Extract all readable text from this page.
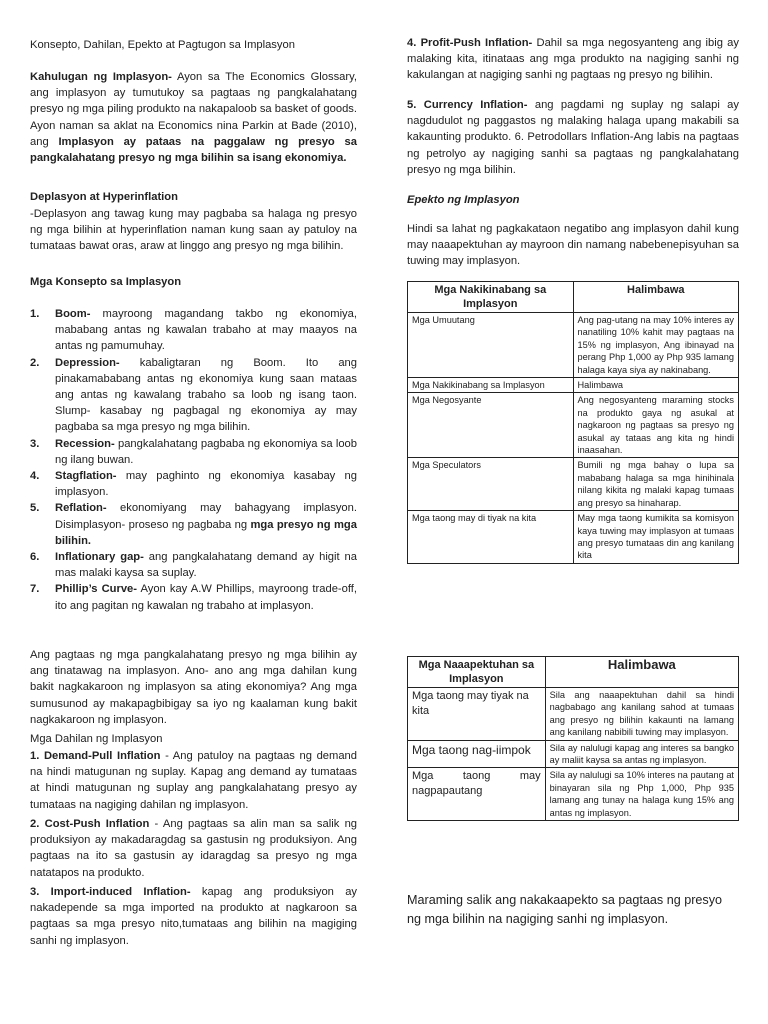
Konsepto, Dahilan, Epekto at Pagtugon sa Implasyon

Kahulugan ng Implasyon- Ayon sa The Economics Glossary, ang implasyon ay tumutukoy sa pagtaas ng pangkalahatang presyo ng mga piling produkto na nakapaloob sa basket of goods. Ayon naman sa aklat na Economics nina Parkin at Bade (2010), ang Implasyon ay pataas na paggalaw ng presyo sa pangkalahatang presyo ng mga bilihin sa isang ekonomiya.

Deplasyon at Hyperinflation

-Deplasyon ang tawag kung may pagbaba sa halaga ng presyo ng mga bilihin at hyperinflation naman kung saan ay patuloy na tumataas bawat oras, araw at linggo ang presyo ng mga bilihin.

Mga Konsepto sa Implasyon

1. Boom- mayroong magandang takbo ng ekonomiya, mababang antas ng kawalan trabaho at may maayos na antas ng pamumuhay.
2. Depression- kabaligtaran ng Boom. Ito ang pinakamababang antas ng ekonomiya kung saan mataas ang antas ng kawalang trabaho sa loob ng isang taon. Slump- kasabay ng pagbagal ng ekonomiya ay may pagbaba sa mga presyo ng mga bilihin.
3. Recession- pangkalahatang pagbaba ng ekonomiya sa loob ng ilang buwan.
4. Stagflation- may paghinto ng ekonomiya kasabay ng implasyon.
5. Reflation- ekonomiyang may bahagyang implasyon. Disimplasyon- proseso ng pagbaba ng mga presyo ng mga bilihin.
6. Inflationary gap- ang pangkalahatang demand ay higit na mas malaki kaysa sa suplay.
7. Phillip’s Curve- Ayon kay A.W Phillips, mayroong trade-off, ito ang pagitan ng kawalan ng trabaho at implasyon.

Ang pagtaas ng mga pangkalahatang presyo ng mga bilihin ay ang tinatawag na implasyon. Ano- ano ang mga dahilan kung bakit nagkakaroon ng implasyon sa ating ekonomiya? Ang mga sumusunod ay makapagbibigay sa iyo ng kaalaman kung bakit nagkakaroon ng implasyon.

Mga Dahilan ng Implasyon

1. Demand-Pull Inflation - Ang patuloy na pagtaas ng demand na hindi matugunan ng suplay. Kapag ang demand ay tumataas at hindi matugunan ng suplay ang pangkalahatang presyo ay tumataas na nagiging dahilan ng implasyon.

2. Cost-Push Inflation - Ang pagtaas sa alin man sa salik ng produksiyon ay makadaragdag sa gastusin ng produksiyon. Ang pagtaas na ito sa gastusin ay idaragdag sa presyo ng mga natatapos na produkto.

3. Import-induced Inflation- kapag ang produksiyon ay nakadepende sa mga imported na produkto at nagkaroon sa pagtaas sa mga presyo nito,tumataas ang bilihin na magiging sanhi ng implasyon.

4. Profit-Push Inflation- Dahil sa mga negosyanteng ang ibig ay malaking kita, itinataas ang mga produkto na nagiging sanhi ng kakulangan at nagiging sanhi ng pagtaas ng presyo ng bilihin.

5. Currency Inflation- ang pagdami ng suplay ng salapi ay nagdudulot ng paggastos ng malaking halaga upang makabili sa kakaunting produkto. 6. Petrodollars Inflation-Ang labis na pagtaas ng petrolyo ay nagiging sanhi sa pagtaas ng pangkalahatang presyo ng mga bilihin.

Epekto ng Implasyon

Hindi sa lahat ng pagkakataon negatibo ang implasyon dahil kung may naaapektuhan ay mayroon din namang nabebenepisyuhan sa tuwing may implasyon.

Mga Nakikinabang sa Implasyon	Halimbawa
Mga Umuutang	Ang pag-utang na may 10% interes ay nanatiling 10% kahit may pagtaas na 15% ng implasyon, Ang ibinayad na perang Php 1,000 ay Php 935 lamang halaga kaya siya ay nakinabang.
Mga Nakikinabang sa Implasyon	Halimbawa
Mga Negosyante	Ang negosyanteng maraming stocks na produkto gaya ng asukal at nagkaroon ng pagtaas sa presyo ng asukal ay tataas ang kita ng hindi inaasahan.
Mga Speculators	Bumili ng mga bahay o lupa sa mababang halaga sa mga hinihinala nilang kikita ng malaki kapag tumaas ang presyo sa hinaharap.
Mga taong may di tiyak na kita	May mga taong kumikita sa komisyon kaya tuwing may implasyon at tumaas ang presyo tumataas din ang kanilang kita
Mga Naaapektuhan sa Implasyon	Halimbawa
Mga taong may tiyak na kita	Sila ang naaapektuhan dahil sa hindi nagbabago ang kanilang sahod at tumaas ang presyo ng bilihin kakaunti na lamang ang kanilang nabibili tuwing may implasyon.
Mga taong nag-iimpok	Sila ay nalulugi kapag ang interes sa bangko ay maliit kaysa sa antas ng implasyon.
Mga taong may nagpapautang	Sila ay nalulugi sa 10% interes na pautang at binayaran sila ng Php 1,000, Php 935 lamang ang tunay na halaga kung 15% ang antas ng implasyon.

Maraming salik ang nakakaapekto sa pagtaas ng presyo ng mga bilihin na nagiging sanhi ng implasyon.
